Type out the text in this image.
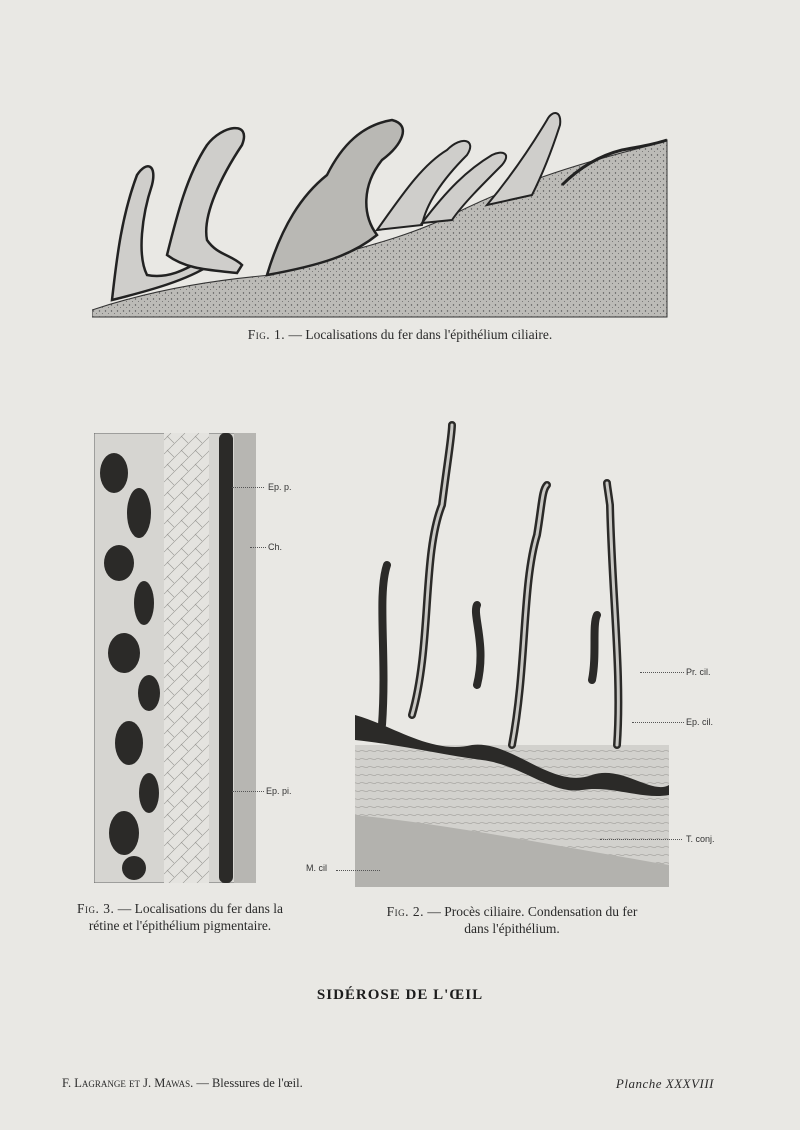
Fig. 1. — Localisations du fer dans l'épithélium ciliaire.
Ep. p.
Ch.
Ep. pi.
Fig. 3. — Localisations du fer dans la
rétine et l'épithélium pigmentaire.
Pr. cil.
Ep. cil.
T. conj.
M. cil
Fig. 2. — Procès ciliaire. Condensation du fer
dans l'épithélium.
SIDÉROSE DE L'ŒIL
F. Lagrange et J. Mawas. — Blessures de l'œil.	Planche XXXVIII
